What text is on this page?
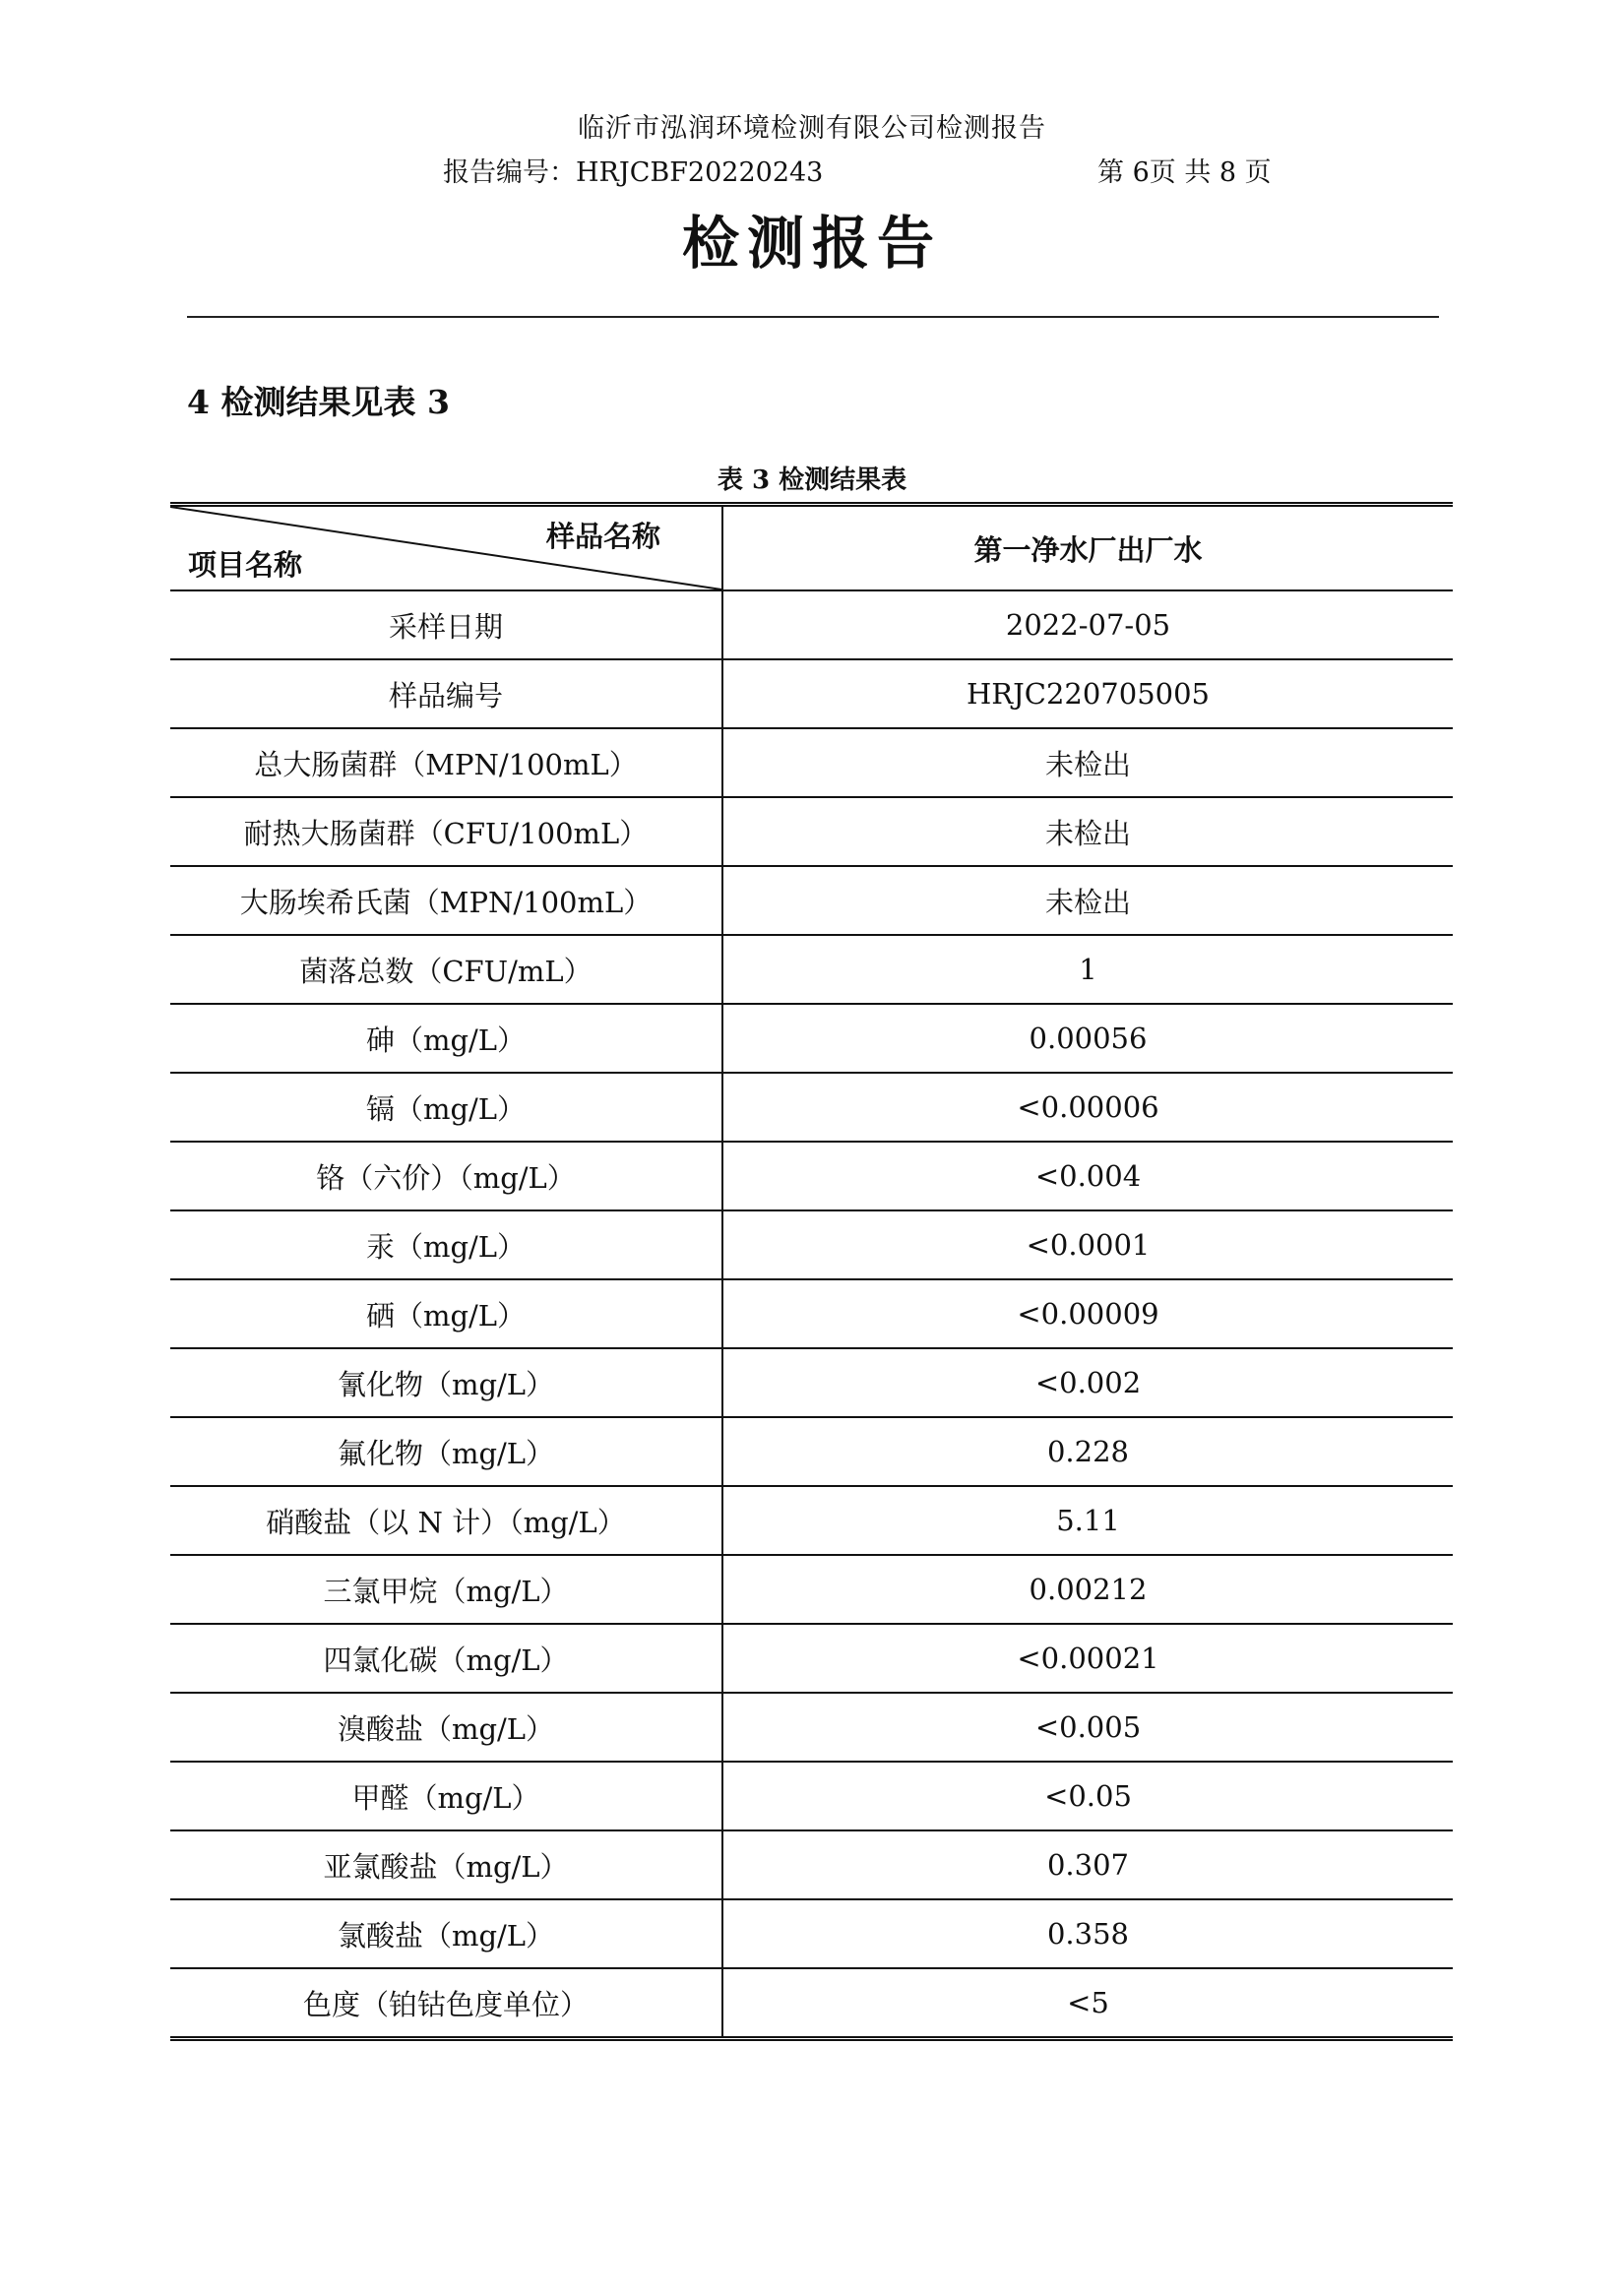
临沂市泓润环境检测有限公司检测报告
报告编号：HRJCBF20220243	第 6页 共 8 页
检测报告
4 检测结果见表 3
表 3 检测结果表
样品名称
项目名称	第一净水厂出厂水
采样日期	2022-07-05
样品编号	HRJC220705005
总大肠菌群（MPN/100mL）	未检出
耐热大肠菌群（CFU/100mL）	未检出
大肠埃希氏菌（MPN/100mL）	未检出
菌落总数（CFU/mL）	1
砷（mg/L）	0.00056
镉（mg/L）	<0.00006
铬（六价）（mg/L）	<0.004
汞（mg/L）	<0.0001
硒（mg/L）	<0.00009
氰化物（mg/L）	<0.002
氟化物（mg/L）	0.228
硝酸盐（以 N 计）（mg/L）	5.11
三氯甲烷（mg/L）	0.00212
四氯化碳（mg/L）	<0.00021
溴酸盐（mg/L）	<0.005
甲醛（mg/L）	<0.05
亚氯酸盐（mg/L）	0.307
氯酸盐（mg/L）	0.358
色度（铂钴色度单位）	<5
